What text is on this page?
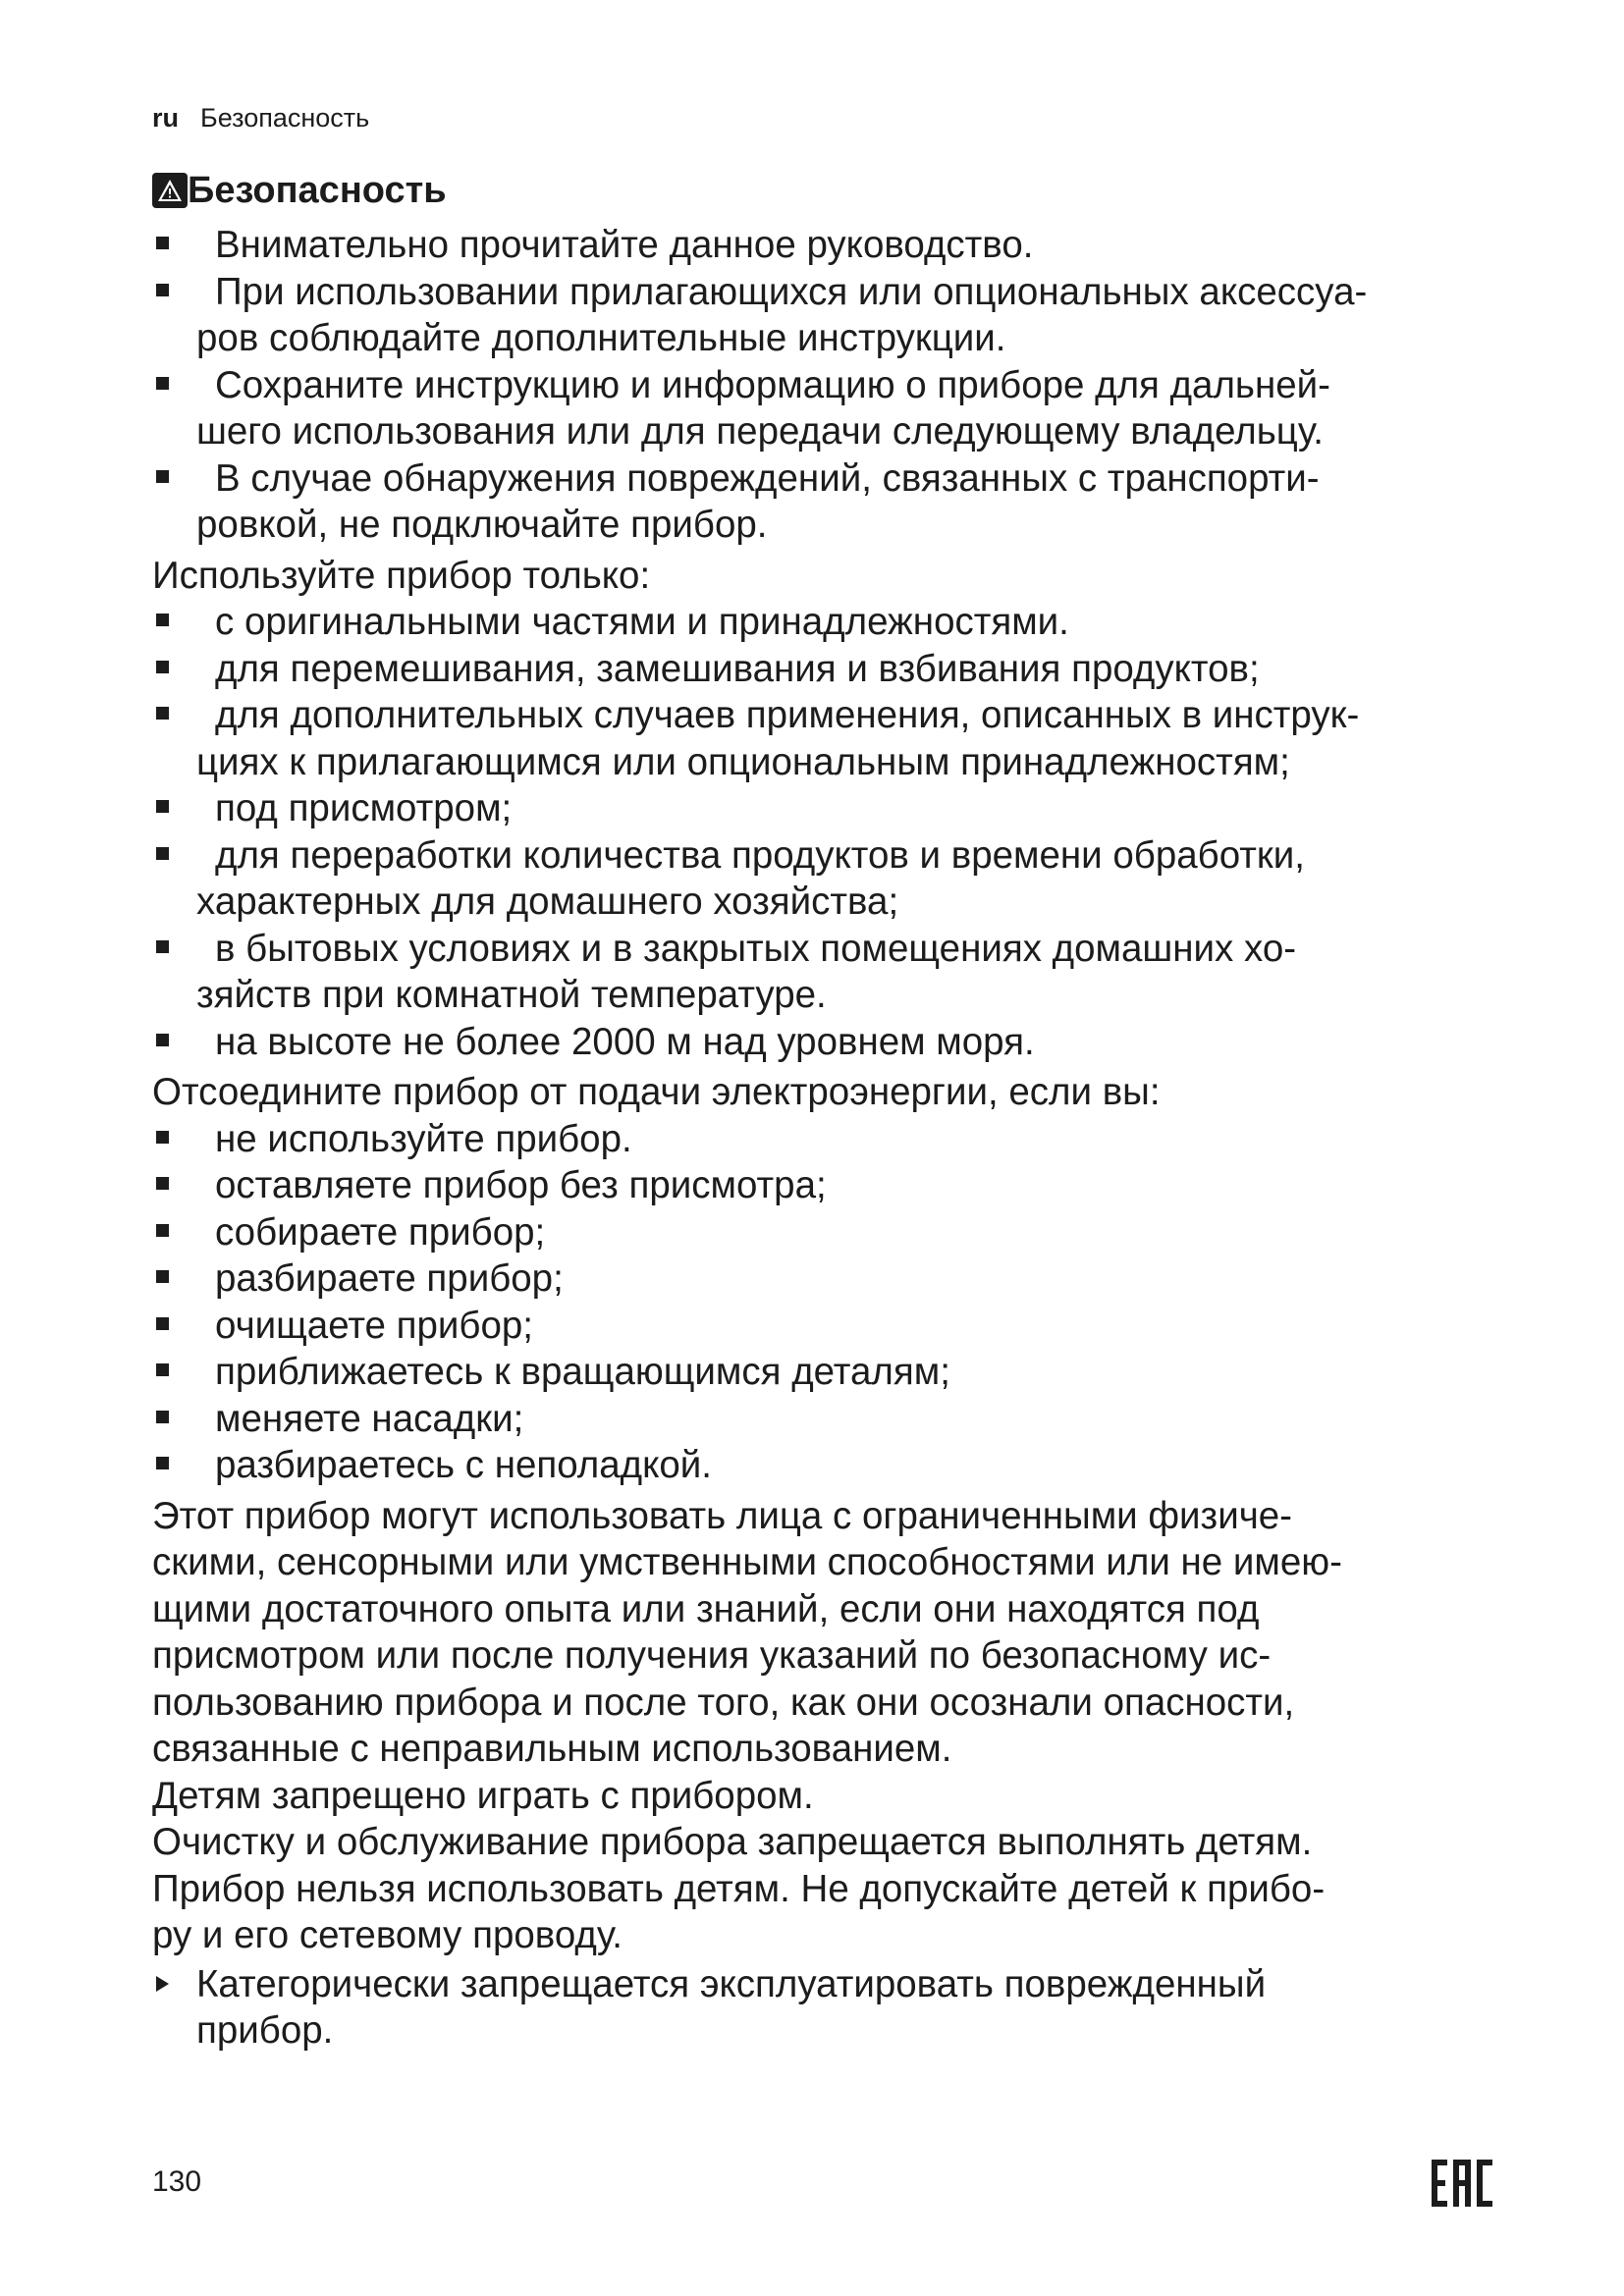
ru Безопасность
Безопасность
Внимательно прочитайте данное руководство.
При использовании прилагающихся или опциональных аксессуа-
ров соблюдайте дополнительные инструкции.
Сохраните инструкцию и информацию о приборе для дальней-
шего использования или для передачи следующему владельцу.
В случае обнаружения повреждений, связанных с транспорти-
ровкой, не подключайте прибор.
Используйте прибор только:
с оригинальными частями и принадлежностями.
для перемешивания, замешивания и взбивания продуктов;
для дополнительных случаев применения, описанных в инструк-
циях к прилагающимся или опциональным принадлежностям;
под присмотром;
для переработки количества продуктов и времени обработки,
характерных для домашнего хозяйства;
в бытовых условиях и в закрытых помещениях домашних хо-
зяйств при комнатной температуре.
на высоте не более 2000 м над уровнем моря.
Отсоедините прибор от подачи электроэнергии, если вы:
не используйте прибор.
оставляете прибор без присмотра;
собираете прибор;
разбираете прибор;
очищаете прибор;
приближаетесь к вращающимся деталям;
меняете насадки;
разбираетесь с неполадкой.
Этот прибор могут использовать лица с ограниченными физиче-
скими, сенсорными или умственными способностями или не имею-
щими достаточного опыта или знаний, если они находятся под
присмотром или после получения указаний по безопасному ис-
пользованию прибора и после того, как они осознали опасности,
связанные с неправильным использованием.
Детям запрещено играть с прибором.
Очистку и обслуживание прибора запрещается выполнять детям.
Прибор нельзя использовать детям. Не допускайте детей к прибо-
ру и его сетевому проводу.
Категорически запрещается эксплуатировать поврежденный
прибор.
130
